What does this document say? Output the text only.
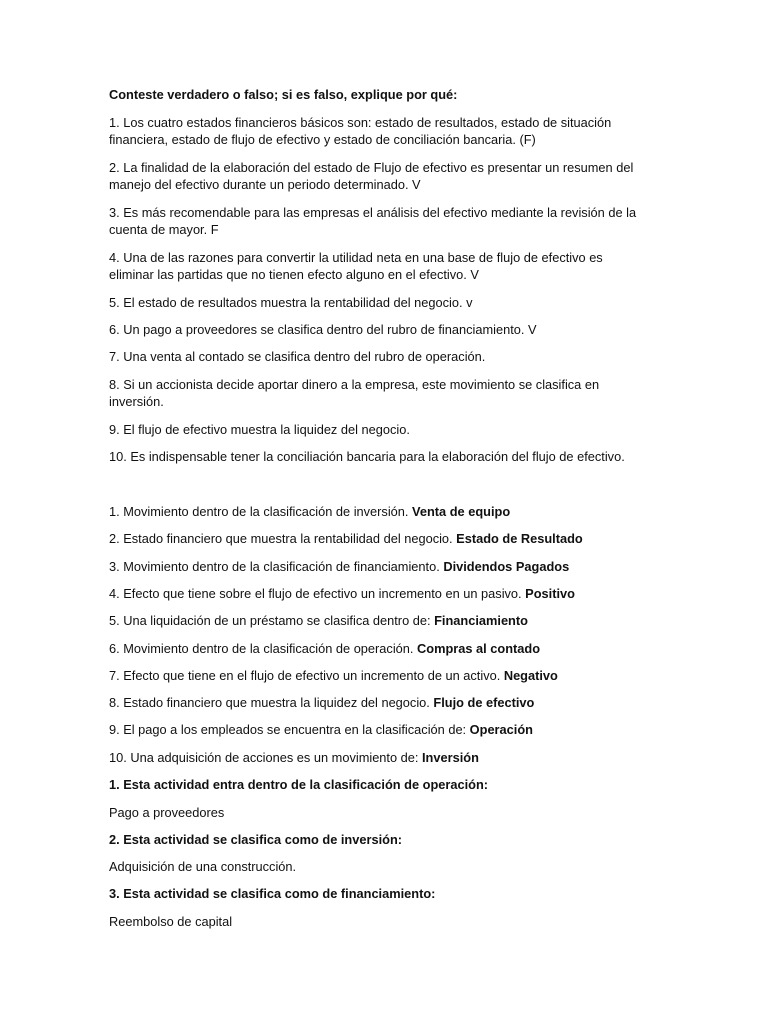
Conteste verdadero o falso; si es falso, explique por qué:

1. Los cuatro estados financieros básicos son: estado de resultados, estado de situación financiera, estado de flujo de efectivo y estado de conciliación bancaria. (F)

2. La finalidad de la elaboración del estado de Flujo de efectivo es presentar un resumen del manejo del efectivo durante un periodo determinado. V

3. Es más recomendable para las empresas el análisis del efectivo mediante la revisión de la cuenta de mayor. F

4. Una de las razones para convertir la utilidad neta en una base de flujo de efectivo es eliminar las partidas que no tienen efecto alguno en el efectivo. V

5. El estado de resultados muestra la rentabilidad del negocio. v

6. Un pago a proveedores se clasifica dentro del rubro de financiamiento. V

7. Una venta al contado se clasifica dentro del rubro de operación.

8. Si un accionista decide aportar dinero a la empresa, este movimiento se clasifica en inversión.

9. El flujo de efectivo muestra la liquidez del negocio.

10. Es indispensable tener la conciliación bancaria para la elaboración del flujo de efectivo.

1. Movimiento dentro de la clasificación de inversión. Venta de equipo

2. Estado financiero que muestra la rentabilidad del negocio. Estado de Resultado

3. Movimiento dentro de la clasificación de financiamiento. Dividendos Pagados

4. Efecto que tiene sobre el flujo de efectivo un incremento en un pasivo. Positivo

5. Una liquidación de un préstamo se clasifica dentro de: Financiamiento

6. Movimiento dentro de la clasificación de operación. Compras al contado

7. Efecto que tiene en el flujo de efectivo un incremento de un activo. Negativo

8. Estado financiero que muestra la liquidez del negocio. Flujo de efectivo

9. El pago a los empleados se encuentra en la clasificación de: Operación

10. Una adquisición de acciones es un movimiento de: Inversión

1. Esta actividad entra dentro de la clasificación de operación:

Pago a proveedores

2. Esta actividad se clasifica como de inversión:

Adquisición de una construcción.

3. Esta actividad se clasifica como de financiamiento:

Reembolso de capital
